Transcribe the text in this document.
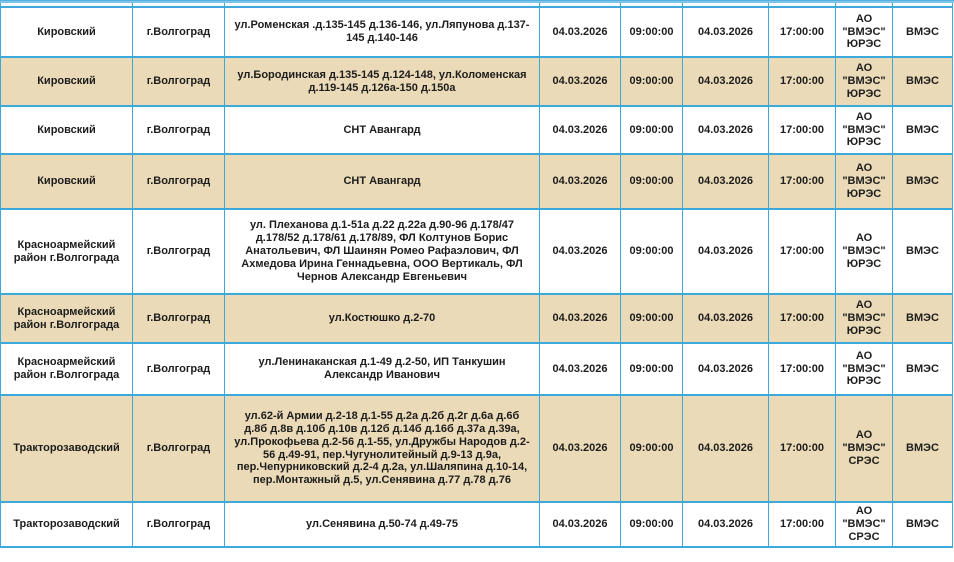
Кировский	г.Волгоград	ул.Роменская .д.135-145 д.136-146, ул.Ляпунова д.137-145 д.140-146	04.03.2026	09:00:00	04.03.2026	17:00:00	АО "ВМЭС" ЮРЭС	ВМЭС
Кировский	г.Волгоград	ул.Бородинская д.135-145 д.124-148, ул.Коломенская д.119-145 д.126а-150 д.150а	04.03.2026	09:00:00	04.03.2026	17:00:00	АО "ВМЭС" ЮРЭС	ВМЭС
Кировский	г.Волгоград	СНТ Авангард	04.03.2026	09:00:00	04.03.2026	17:00:00	АО "ВМЭС" ЮРЭС	ВМЭС
Кировский	г.Волгоград	СНТ Авангард	04.03.2026	09:00:00	04.03.2026	17:00:00	АО "ВМЭС" ЮРЭС	ВМЭС
Красноармейский район г.Волгограда	г.Волгоград	ул. Плеханова д.1-51а д.22 д.22а д.90-96 д.178/47 д.178/52 д.178/61 д.178/89, ФЛ Колтунов Борис Анатольевич, ФЛ Шаинян Ромео Рафаэлович, ФЛ Ахмедова Ирина Геннадьевна, ООО Вертикаль, ФЛ Чернов Александр Евгеньевич	04.03.2026	09:00:00	04.03.2026	17:00:00	АО "ВМЭС" ЮРЭС	ВМЭС
Красноармейский район г.Волгограда	г.Волгоград	ул.Костюшко д.2-70	04.03.2026	09:00:00	04.03.2026	17:00:00	АО "ВМЭС" ЮРЭС	ВМЭС
Красноармейский район г.Волгограда	г.Волгоград	ул.Ленинаканская д.1-49 д.2-50, ИП Танкушин Александр Иванович	04.03.2026	09:00:00	04.03.2026	17:00:00	АО "ВМЭС" ЮРЭС	ВМЭС
Тракторозаводский	г.Волгоград	ул.62-й Армии д.2-18 д.1-55 д.2а д.2б д.2г д.6а д.6б д.8б д.8в д.10б д.10в д.12б д.14б д.16б д.37а д.39а, ул.Прокофьева д.2-56 д.1-55, ул.Дружбы Народов д.2-56 д.49-91, пер.Чугунолитейный д.9-13 д.9а, пер.Чепурниковский д.2-4 д.2а, ул.Шаляпина д.10-14, пер.Монтажный д.5, ул.Сенявина д.77 д.78 д.76	04.03.2026	09:00:00	04.03.2026	17:00:00	АО "ВМЭС" СРЭС	ВМЭС
Тракторозаводский	г.Волгоград	ул.Сенявина д.50-74 д.49-75	04.03.2026	09:00:00	04.03.2026	17:00:00	АО "ВМЭС" СРЭС	ВМЭС
